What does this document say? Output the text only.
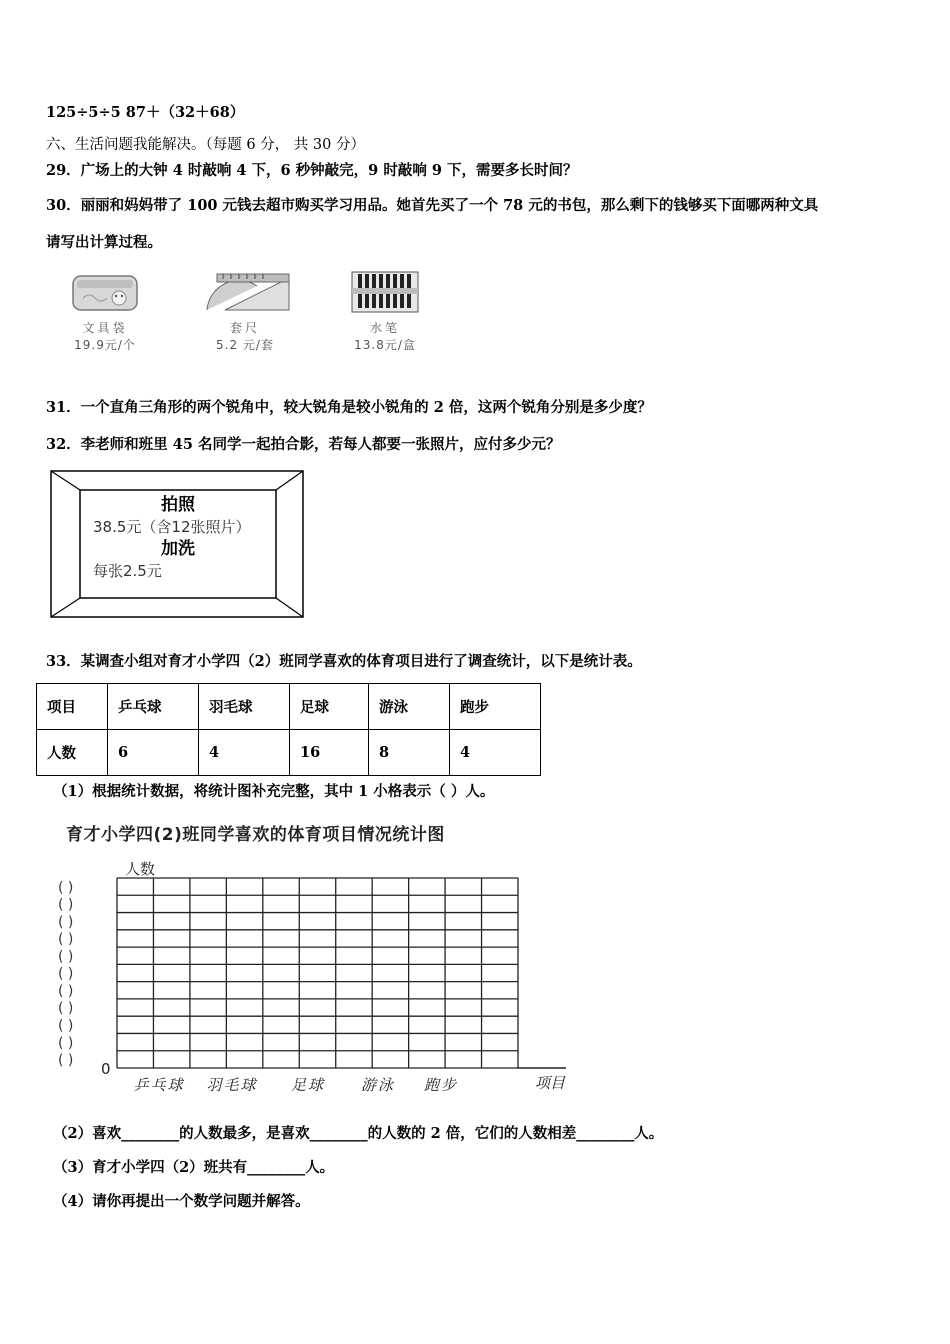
125÷5÷5 87＋（32＋68）
六、生活问题我能解决。（每题 6 分， 共 30 分）
29．广场上的大钟 4 时敲响 4 下，6 秒钟敲完，9 时敲响 9 下，需要多长时间？
30．丽丽和妈妈带了 100 元钱去超市购买学习用品。她首先买了一个 78 元的书包，那么剩下的钱够买下面哪两种文具
请写出计算过程。
文具袋
19.9元/个
套尺
5.2 元/套
水笔
13.8元/盒
31．一个直角三角形的两个锐角中，较大锐角是较小锐角的 2 倍，这两个锐角分别是多少度？
32．李老师和班里 45 名同学一起拍合影，若每人都要一张照片，应付多少元？
拍照
38.5元（含12张照片）
加洗
每张2.5元
33．某调查小组对育才小学四（2）班同学喜欢的体育项目进行了调查统计，以下是统计表。
项目	乒乓球	羽毛球	足球	游泳	跑步
人数	6	4	16	8	4
（1）根据统计数据，将统计图补充完整，其中 1 小格表示（ ）人。
育才小学四(2)班同学喜欢的体育项目情况统计图
人数
0
( )
( )
( )
( )
( )
( )
( )
( )
( )
( )
( )
乒乓球 羽毛球 足球 游泳 跑步	项目
（2）喜欢________的人数最多，是喜欢________的人数的 2 倍，它们的人数相差________人。
（3）育才小学四（2）班共有________人。
（4）请你再提出一个数学问题并解答。
